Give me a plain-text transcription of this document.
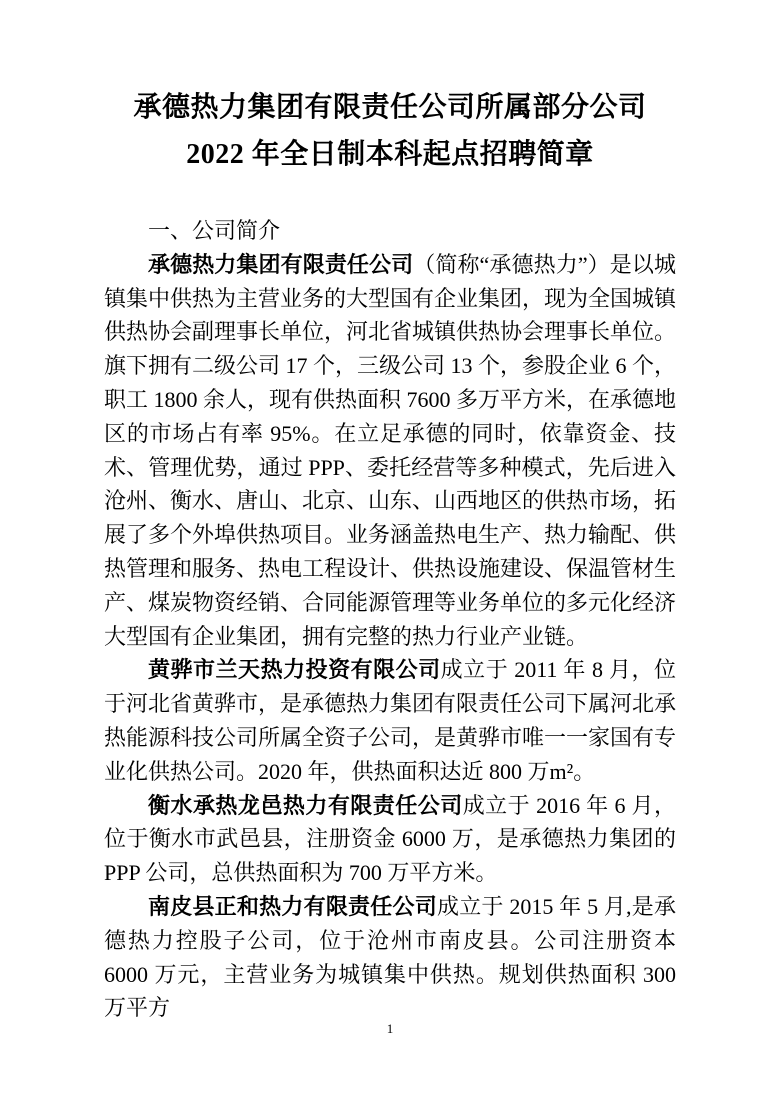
承德热力集团有限责任公司所属部分公司
2022 年全日制本科起点招聘简章
一、公司简介

承德热力集团有限责任公司（简称“承德热力”）是以城镇集中供热为主营业务的大型国有企业集团，现为全国城镇供热协会副理事长单位，河北省城镇供热协会理事长单位。旗下拥有二级公司 17 个，三级公司 13 个，参股企业 6 个，职工 1800 余人，现有供热面积 7600 多万平方米，在承德地区的市场占有率 95%。在立足承德的同时，依靠资金、技术、管理优势，通过 PPP、委托经营等多种模式，先后进入沧州、衡水、唐山、北京、山东、山西地区的供热市场，拓展了多个外埠供热项目。业务涵盖热电生产、热力输配、供热管理和服务、热电工程设计、供热设施建设、保温管材生产、煤炭物资经销、合同能源管理等业务单位的多元化经济大型国有企业集团，拥有完整的热力行业产业链。

黄骅市兰天热力投资有限公司成立于 2011 年 8 月，位于河北省黄骅市，是承德热力集团有限责任公司下属河北承热能源科技公司所属全资子公司，是黄骅市唯一一家国有专业化供热公司。2020 年，供热面积达近 800 万m²。

衡水承热龙邑热力有限责任公司成立于 2016 年 6 月，位于衡水市武邑县，注册资金 6000 万，是承德热力集团的 PPP 公司，总供热面积为 700 万平方米。

南皮县正和热力有限责任公司成立于 2015 年 5 月,是承德热力控股子公司，位于沧州市南皮县。公司注册资本 6000 万元，主营业务为城镇集中供热。规划供热面积 300 万平方

1
